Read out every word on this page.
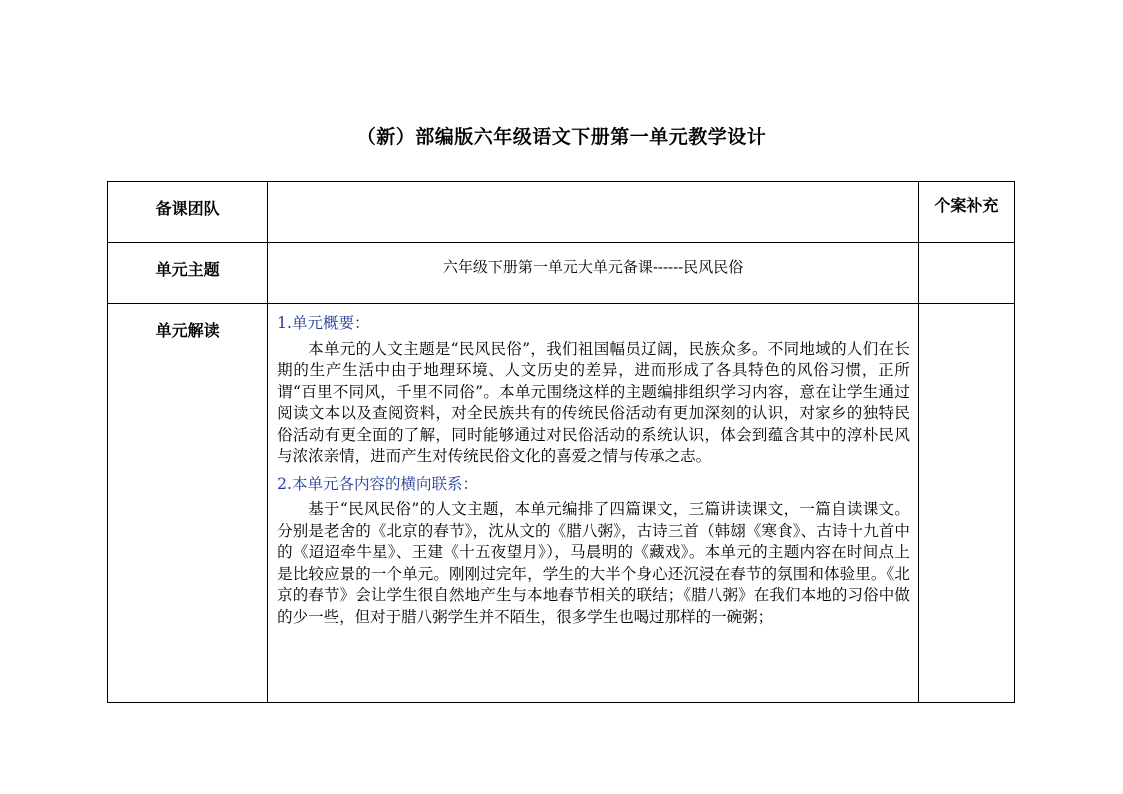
（新）部编版六年级语文下册第一单元教学设计
备课团队		个案补充
单元主题	六年级下册第一单元大单元备课------民风民俗	
单元解读	1.单元概要：
本单元的人文主题是“民风民俗”，我们祖国幅员辽阔，民族众多。不同地域的人们在长期的生产生活中由于地理环境、人文历史的差异，进而形成了各具特色的风俗习惯，正所谓“百里不同风，千里不同俗”。本单元围绕这样的主题编排组织学习内容，意在让学生通过阅读文本以及查阅资料，对全民族共有的传统民俗活动有更加深刻的认识，对家乡的独特民俗活动有更全面的了解，同时能够通过对民俗活动的系统认识，体会到蕴含其中的淳朴民风与浓浓亲情，进而产生对传统民俗文化的喜爱之情与传承之志。
2.本单元各内容的横向联系：
基于“民风民俗”的人文主题，本单元编排了四篇课文，三篇讲读课文，一篇自读课文。分别是老舍的《北京的春节》，沈从文的《腊八粥》，古诗三首（韩翃《寒食》、古诗十九首中的《迢迢牵牛星》、王建《十五夜望月》），马晨明的《藏戏》。本单元的主题内容在时间点上是比较应景的一个单元。刚刚过完年，学生的大半个身心还沉浸在春节的氛围和体验里。《北京的春节》会让学生很自然地产生与本地春节相关的联结；《腊八粥》在我们本地的习俗中做的少一些，但对于腊八粥学生并不陌生，很多学生也喝过那样的一碗粥；	
